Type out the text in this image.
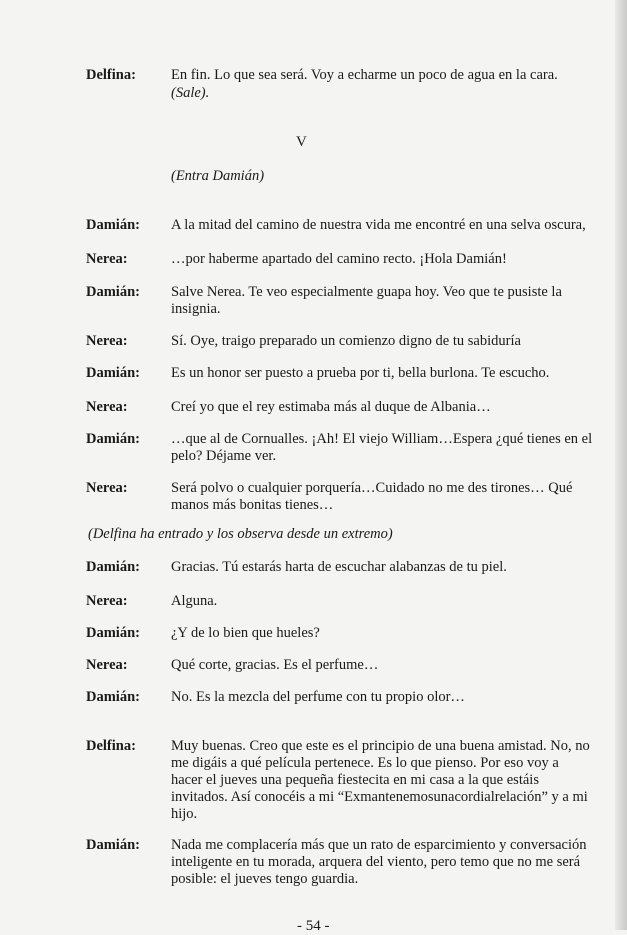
Delfina: En fin. Lo que sea será. Voy a echarme un poco de agua en la cara.
(Sale).
V
(Entra Damián)
Damián: A la mitad del camino de nuestra vida me encontré en una selva oscura,
Nerea:	…por haberme apartado del camino recto. ¡Hola Damián!
Damián: Salve Nerea. Te veo especialmente guapa hoy. Veo que te pusiste la
insignia.
Nerea:	Sí. Oye, traigo preparado un comienzo digno de tu sabiduría
Damián: Es un honor ser puesto a prueba por ti, bella burlona. Te escucho.
Nerea:	Creí yo que el rey estimaba más al duque de Albania…
Damián: …que al de Cornualles. ¡Ah! El viejo William…Espera ¿qué tienes en el
pelo? Déjame ver.
Nerea:	Será polvo o cualquier porquería…Cuidado no me des tirones… Qué
manos más bonitas tienes…
(Delfina ha entrado y los observa desde un extremo)
Damián: Gracias. Tú estarás harta de escuchar alabanzas de tu piel.
Nerea:	Alguna.
Damián: ¿Y de lo bien que hueles?
Nerea:	Qué corte, gracias. Es el perfume…
Damián: No. Es la mezcla del perfume con tu propio olor…
Delfina: Muy buenas. Creo que este es el principio de una buena amistad. No, no
me digáis a qué película pertenece. Es lo que pienso. Por eso voy a
hacer el jueves una pequeña fiestecita en mi casa a la que estáis
invitados. Así conocéis a mi “Exmantenemosunacordialrelación” y a mi
hijo.
Damián: Nada me complacería más que un rato de esparcimiento y conversación
inteligente en tu morada, arquera del viento, pero temo que no me será
posible: el jueves tengo guardia.
- 54 -
